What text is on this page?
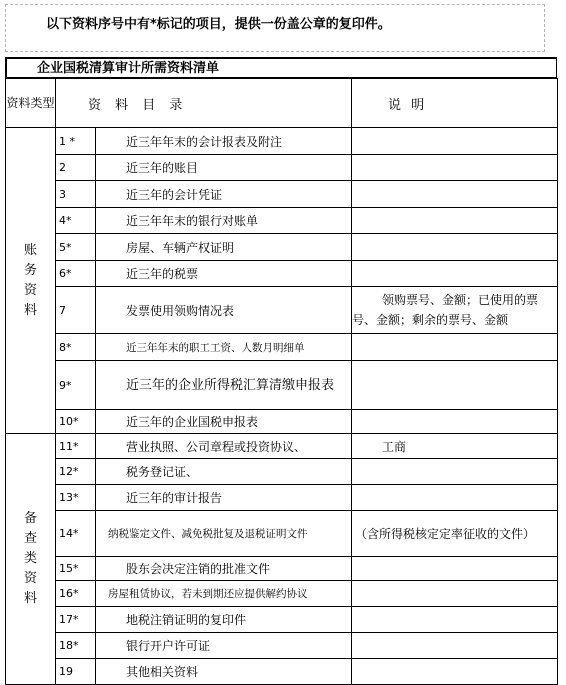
以下资料序号中有*标记的项目，提供一份盖公章的复印件。
企业国税清算审计所需资料清单
资料类型	资 料 目 录		说 明

账务资料	1 *	近三年年末的会计报表及附注	
	2	近三年的账目	
	3	近三年的会计凭证	
	4*	近三年年末的银行对账单	
	5*	房屋、车辆产权证明	
	6*	近三年的税票	
	7	发票使用领购情况表	领购票号、金额；已使用的票号、金额；剩余的票号、金额
	8*	近三年年末的职工工资、人数月明细单	
	9*	近三年的企业所得税汇算清缴申报表	
	10*	近三年的企业国税申报表	

备查类资料	11*	营业执照、公司章程或投资协议、	工商
	12*	税务登记证、	
	13*	近三年的审计报告	
	14*	纳税鉴定文件、减免税批复及退税证明文件	（含所得税核定定率征收的文件）
	15*	股东会决定注销的批准文件	
	16*	房屋租赁协议，若未到期还应提供解约协议	
	17*	地税注销证明的复印件	
	18*	银行开户许可证	
	19	其他相关资料	
